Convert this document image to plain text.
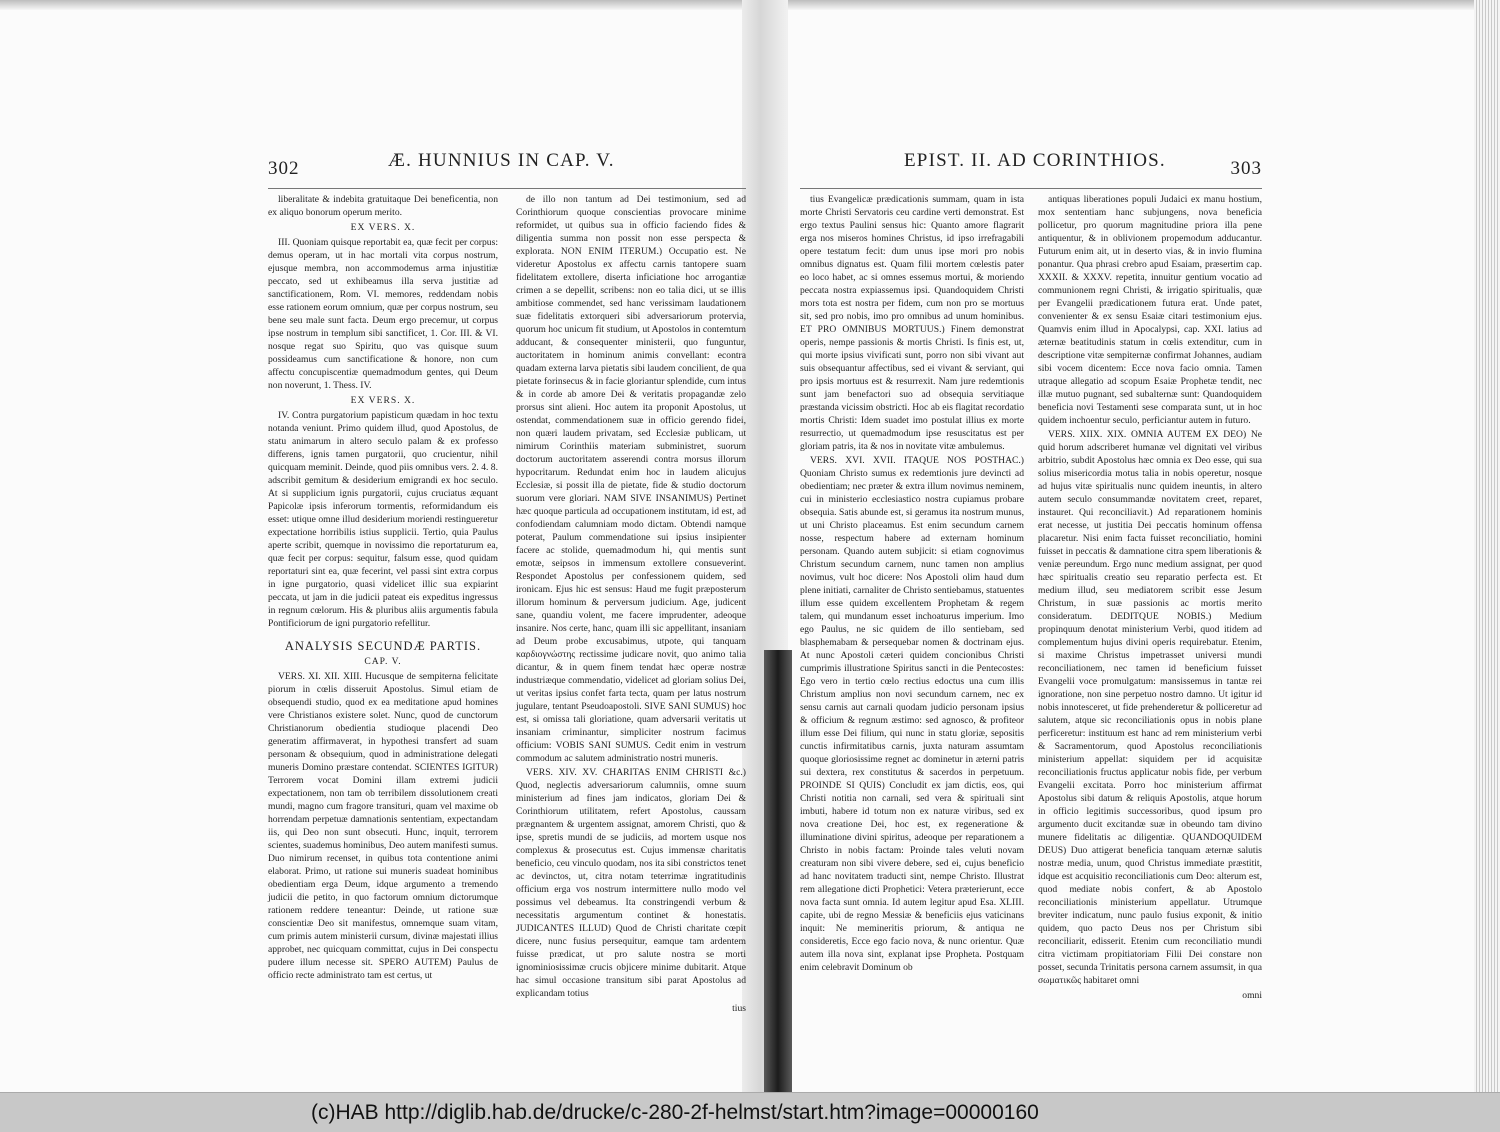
302	Æ. HUNNIUS IN CAP. V.

liberalitate & indebita gratuitaque Dei beneficentia, non ex aliquo bonorum operum merito.

EX VERS. X.

III. Quoniam quisque reportabit ea, quæ fecit per corpus: demus operam, ut in hac mortali vita corpus nostrum, ejusque membra, non accommodemus arma injustitiæ peccato, sed ut exhibeamus illa serva justitiæ ad sanctificationem, Rom. VI. memores, reddendam nobis esse rationem eorum omnium, quæ per corpus nostrum, seu bene seu male sunt facta. Deum ergo precemur, ut corpus ipse nostrum in templum sibi sanctificet, 1. Cor. III. & VI. nosque regat suo Spiritu, quo vas quisque suum possideamus cum sanctificatione & honore, non cum affectu concupiscentiæ quemadmodum gentes, qui Deum non noverunt, 1. Thess. IV.

EX VERS. X.

IV. Contra purgatorium papisticum quædam in hoc textu notanda veniunt. Primo quidem illud, quod Apostolus, de statu animarum in altero seculo palam & ex professo differens, ignis tamen purgatorii, quo crucientur, nihil quicquam meminit. Deinde, quod piis omnibus vers. 2. 4. 8. adscribit gemitum & desiderium emigrandi ex hoc seculo. At si supplicium ignis purgatorii, cujus cruciatus æquant Papicolæ ipsis inferorum tormentis, reformidandum eis esset: utique omne illud desiderium moriendi restingueretur expectatione horribilis istius supplicii. Tertio, quia Paulus aperte scribit, quemque in novissimo die reportaturum ea, quæ fecit per corpus: sequitur, falsum esse, quod quidam reportaturi sint ea, quæ fecerint, vel passi sint extra corpus in igne purgatorio, quasi videlicet illic sua expiarint peccata, ut jam in die judicii pateat eis expeditus ingressus in regnum cœlorum. His & pluribus aliis argumentis fabula Pontificiorum de igni purgatorio refellitur.

ANALYSIS SECUNDÆ PARTIS.

CAP. V.

VERS. XI. XII. XIII. Hucusque de sempiterna felicitate piorum in cœlis disseruit Apostolus. Simul etiam de obsequendi studio, quod ex ea meditatione apud homines vere Christianos existere solet. Nunc, quod de cunctorum Christianorum obedientia studioque placendi Deo generatim affirmaverat, in hypothesi transfert ad suam personam & obsequium, quod in administratione delegati muneris Domino præstare contendat. SCIENTES IGITUR) Terrorem vocat Domini illam extremi judicii expectationem, non tam ob terribilem dissolutionem creati mundi, magno cum fragore transituri, quam vel maxime ob horrendam perpetuæ damnationis sententiam, expectandam iis, qui Deo non sunt obsecuti. Hunc, inquit, terrorem scientes, suademus hominibus, Deo autem manifesti sumus. Duo nimirum recenset, in quibus tota contentione animi elaborat. Primo, ut ratione sui muneris suadeat hominibus obedientiam erga Deum, idque argumento a tremendo judicii die petito, in quo factorum omnium dictorumque rationem reddere teneantur: Deinde, ut ratione suæ conscientiæ Deo sit manifestus, omnemque suam vitam, cum primis autem ministerii cursum, divinæ majestati illius approbet, nec quicquam committat, cujus in Dei conspectu pudere illum necesse sit. SPERO AUTEM) Paulus de officio recte administrato tam est certus, ut

de illo non tantum ad Dei testimonium, sed ad Corinthiorum quoque conscientias provocare minime reformidet, ut quibus sua in officio faciendo fides & diligentia summa non possit non esse perspecta & explorata. NON ENIM ITERUM.) Occupatio est. Ne videretur Apostolus ex affectu carnis tantopere suam fidelitatem extollere, diserta inficiatione hoc arrogantiæ crimen a se depellit, scribens: non eo talia dici, ut se illis ambitiose commendet, sed hanc verissimam laudationem suæ fidelitatis extorqueri sibi adversariorum protervia, quorum hoc unicum fit studium, ut Apostolos in contemtum adducant, & consequenter ministerii, quo funguntur, auctoritatem in hominum animis convellant: econtra quadam externa larva pietatis sibi laudem concilient, de qua pietate forinsecus & in facie gloriantur splendide, cum intus & in corde ab amore Dei & veritatis propagandæ zelo prorsus sint alieni. Hoc autem ita proponit Apostolus, ut ostendat, commendationem suæ in officio gerendo fidei, non quæri laudem privatam, sed Ecclesiæ publicam, ut nimirum Corinthiis materiam subministret, suorum doctorum auctoritatem asserendi contra morsus illorum hypocritarum. Redundat enim hoc in laudem alicujus Ecclesiæ, si possit illa de pietate, fide & studio doctorum suorum vere gloriari. NAM SIVE INSANIMUS) Pertinet hæc quoque particula ad occupationem institutam, id est, ad confodiendam calumniam modo dictam. Obtendi namque poterat, Paulum commendatione sui ipsius insipienter facere ac stolide, quemadmodum hi, qui mentis sunt emotæ, seipsos in immensum extollere consueverint. Respondet Apostolus per confessionem quidem, sed ironicam. Ejus hic est sensus: Haud me fugit præposterum illorum hominum & perversum judicium. Age, judicent sane, quandiu volent, me facere imprudenter, adeoque insanire. Nos certe, hanc, quam illi sic appellitant, insaniam ad Deum probe excusabimus, utpote, qui tanquam καρδιογνώστης rectissime judicare novit, quo animo talia dicantur, & in quem finem tendat hæc operæ nostræ industriæque commendatio, videlicet ad gloriam solius Dei, ut veritas ipsius confet farta tecta, quam per latus nostrum jugulare, tentant Pseudoapostoli. SIVE SANI SUMUS) hoc est, si omissa tali gloriatione, quam adversarii veritatis ut insaniam criminantur, simpliciter nostrum facimus officium: VOBIS SANI SUMUS. Cedit enim in vestrum commodum ac salutem administratio nostri muneris.

VERS. XIV. XV. CHARITAS ENIM CHRISTI &c.) Quod, neglectis adversariorum calumniis, omne suum ministerium ad fines jam indicatos, gloriam Dei & Corinthiorum utilitatem, refert Apostolus, caussam prægnantem & urgentem assignat, amorem Christi, quo & ipse, spretis mundi de se judiciis, ad mortem usque nos complexus & prosecutus est. Cujus immensæ charitatis beneficio, ceu vinculo quodam, nos ita sibi constrictos tenet ac devinctos, ut, citra notam teterrimæ ingratitudinis officium erga vos nostrum intermittere nullo modo vel possimus vel debeamus. Ita constringendi verbum & necessitatis argumentum continet & honestatis. JUDICANTES ILLUD) Quod de Christi charitate cœpit dicere, nunc fusius persequitur, eamque tam ardentem fuisse prædicat, ut pro salute nostra se morti ignominiosissimæ crucis objicere minime dubitarit. Atque hac simul occasione transitum sibi parat Apostolus ad explicandam totius

tius

EPIST. II. AD CORINTHIOS.	303

tius Evangelicæ prædicationis summam, quam in ista morte Christi Servatoris ceu cardine verti demonstrat. Est ergo textus Paulini sensus hic: Quanto amore flagrarit erga nos miseros homines Christus, id ipso irrefragabili opere testatum fecit: dum unus ipse mori pro nobis omnibus dignatus est. Quam filii mortem cœlestis pater eo loco habet, ac si omnes essemus mortui, & moriendo peccata nostra expiassemus ipsi. Quandoquidem Christi mors tota est nostra per fidem, cum non pro se mortuus sit, sed pro nobis, imo pro omnibus ad unum hominibus. ET PRO OMNIBUS MORTUUS.) Finem demonstrat operis, nempe passionis & mortis Christi. Is finis est, ut, qui morte ipsius vivificati sunt, porro non sibi vivant aut suis obsequantur affectibus, sed ei vivant & serviant, qui pro ipsis mortuus est & resurrexit. Nam jure redemtionis sunt jam benefactori suo ad obsequia servitiaque præstanda vicissim obstricti. Hoc ab eis flagitat recordatio mortis Christi: Idem suadet imo postulat illius ex morte resurrectio, ut quemadmodum ipse resuscitatus est per gloriam patris, ita & nos in novitate vitæ ambulemus.

VERS. XVI. XVII. ITAQUE NOS POSTHAC.) Quoniam Christo sumus ex redemtionis jure devincti ad obedientiam; nec præter & extra illum novimus neminem, cui in ministerio ecclesiastico nostra cupiamus probare obsequia. Satis abunde est, si geramus ita nostrum munus, ut uni Christo placeamus. Est enim secundum carnem nosse, respectum habere ad externam hominum personam. Quando autem subjicit: si etiam cognovimus Christum secundum carnem, nunc tamen non amplius novimus, vult hoc dicere: Nos Apostoli olim haud dum plene initiati, carnaliter de Christo sentiebamus, statuentes illum esse quidem excellentem Prophetam & regem talem, qui mundanum esset inchoaturus imperium. Imo ego Paulus, ne sic quidem de illo sentiebam, sed blasphemabam & persequebar nomen & doctrinam ejus. At nunc Apostoli cæteri quidem concionibus Christi cumprimis illustratione Spiritus sancti in die Pentecostes: Ego vero in tertio cœlo rectius edoctus una cum illis Christum amplius non novi secundum carnem, nec ex sensu carnis aut carnali quodam judicio personam ipsius & officium & regnum æstimo: sed agnosco, & profiteor illum esse Dei filium, qui nunc in statu gloriæ, sepositis cunctis infirmitatibus carnis, juxta naturam assumtam quoque gloriosissime regnet ac dominetur in æterni patris sui dextera, rex constitutus & sacerdos in perpetuum. PROINDE SI QUIS) Concludit ex jam dictis, eos, qui Christi notitia non carnali, sed vera & spirituali sint imbuti, habere id totum non ex naturæ viribus, sed ex nova creatione Dei, hoc est, ex regeneratione & illuminatione divini spiritus, adeoque per reparationem a Christo in nobis factam: Proinde tales veluti novam creaturam non sibi vivere debere, sed ei, cujus beneficio ad hanc novitatem traducti sint, nempe Christo. Illustrat rem allegatione dicti Prophetici: Vetera præterierunt, ecce nova facta sunt omnia. Id autem legitur apud Esa. XLIII. capite, ubi de regno Messiæ & beneficiis ejus vaticinans inquit: Ne memineritis priorum, & antiqua ne consideretis, Ecce ego facio nova, & nunc orientur. Quæ autem illa nova sint, explanat ipse Propheta. Postquam enim celebravit Dominum ob

antiquas liberationes populi Judaici ex manu hostium, mox sententiam hanc subjungens, nova beneficia pollicetur, pro quorum magnitudine priora illa pene antiquentur, & in oblivionem propemodum adducantur. Futurum enim ait, ut in deserto vias, & in invio flumina ponantur. Qua phrasi crebro apud Esaiam, præsertim cap. XXXII. & XXXV. repetita, innuitur gentium vocatio ad communionem regni Christi, & irrigatio spiritualis, quæ per Evangelii prædicationem futura erat. Unde patet, convenienter & ex sensu Esaiæ citari testimonium ejus. Quamvis enim illud in Apocalypsi, cap. XXI. latius ad æternæ beatitudinis statum in cœlis extenditur, cum in descriptione vitæ sempiternæ confirmat Johannes, audiam sibi vocem dicentem: Ecce nova facio omnia. Tamen utraque allegatio ad scopum Esaiæ Prophetæ tendit, nec illæ mutuo pugnant, sed subalternæ sunt: Quandoquidem beneficia novi Testamenti sese comparata sunt, ut in hoc quidem inchoentur seculo, perficiantur autem in futuro.

VERS. XIIX. XIX. OMNIA AUTEM EX DEO) Ne quid horum adscriberet humanæ vel dignitati vel viribus arbitrio, subdit Apostolus hæc omnia ex Deo esse, qui sua solius misericordia motus talia in nobis operetur, nosque ad hujus vitæ spiritualis nunc quidem ineuntis, in altero autem seculo consummandæ novitatem creet, reparet, instauret. Qui reconciliavit.) Ad reparationem hominis erat necesse, ut justitia Dei peccatis hominum offensa placaretur. Nisi enim facta fuisset reconciliatio, homini fuisset in peccatis & damnatione citra spem liberationis & veniæ pereundum. Ergo nunc medium assignat, per quod hæc spiritualis creatio seu reparatio perfecta est. Et medium illud, seu mediatorem scribit esse Jesum Christum, in suæ passionis ac mortis merito consideratum. DEDITQUE NOBIS.) Medium propinquum denotat ministerium Verbi, quod itidem ad complementum hujus divini operis requirebatur. Etenim, si maxime Christus impetrasset universi mundi reconciliationem, nec tamen id beneficium fuisset Evangelii voce promulgatum: mansissemus in tantæ rei ignoratione, non sine perpetuo nostro damno. Ut igitur id nobis innotesceret, ut fide prehenderetur & polliceretur ad salutem, atque sic reconciliationis opus in nobis plane perficeretur: instituum est hanc ad rem ministerium verbi & Sacramentorum, quod Apostolus reconciliationis ministerium appellat: siquidem per id acquisitæ reconciliationis fructus applicatur nobis fide, per verbum Evangelii excitata. Porro hoc ministerium affirmat Apostolus sibi datum & reliquis Apostolis, atque horum in officio legitimis successoribus, quod ipsum pro argumento ducit excitandæ suæ in obeundo tam divino munere fidelitatis ac diligentiæ. QUANDOQUIDEM DEUS) Duo attigerat beneficia tanquam æternæ salutis nostræ media, unum, quod Christus immediate præstitit, idque est acquisitio reconciliationis cum Deo: alterum est, quod mediate nobis confert, & ab Apostolo reconciliationis ministerium appellatur. Utrumque breviter indicatum, nunc paulo fusius exponit, & initio quidem, quo pacto Deus nos per Christum sibi reconciliarit, edisserit. Etenim cum reconciliatio mundi citra victimam propitiatoriam Filii Dei constare non posset, secunda Trinitatis persona carnem assumsit, in qua σωματικῶς habitaret omni

omni

(c)HAB http://diglib.hab.de/drucke/c-280-2f-helmst/start.htm?image=00000160
